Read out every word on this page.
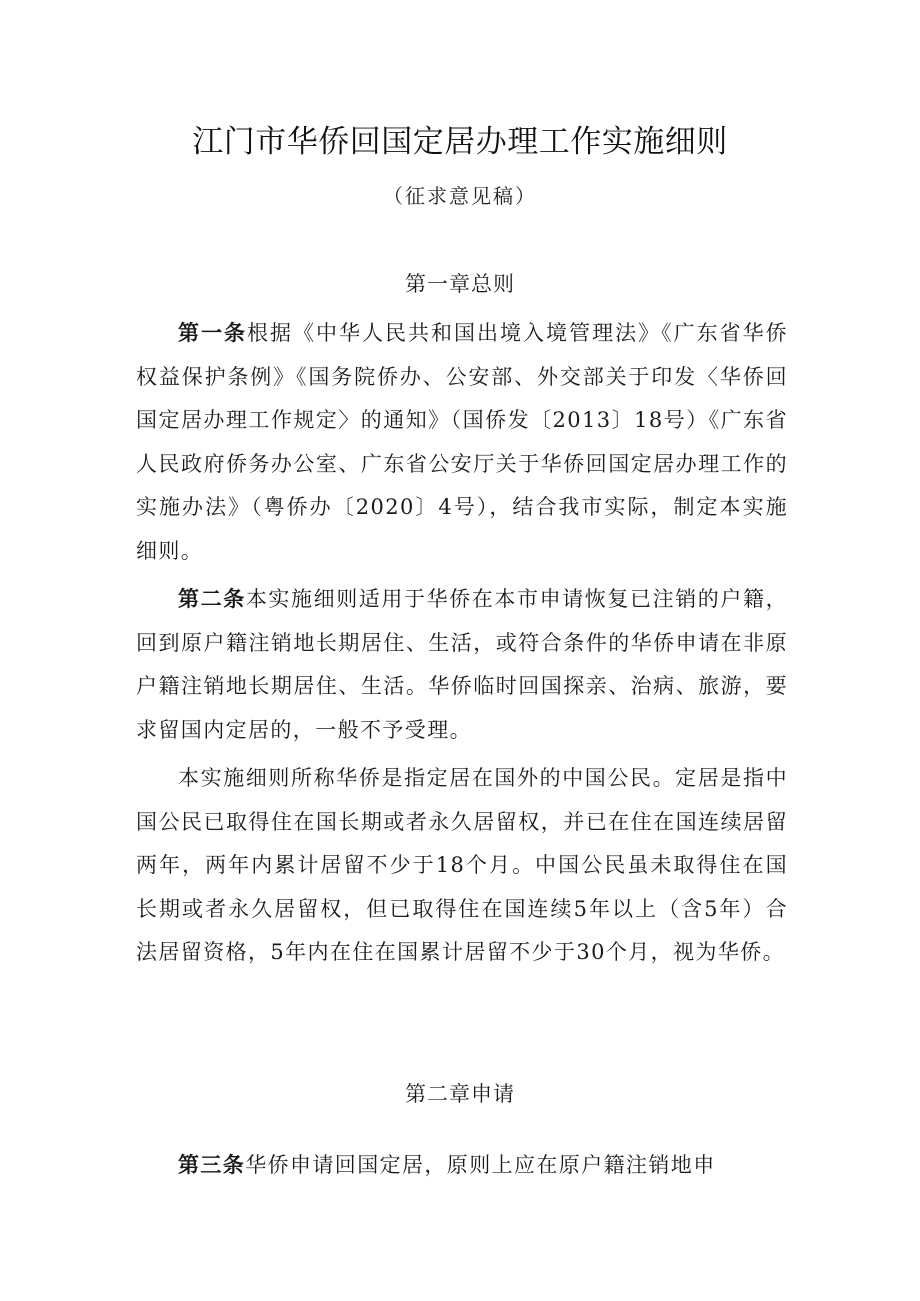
江门市华侨回国定居办理工作实施细则
（征求意见稿）
第一章总则

第一条根据《中华人民共和国出境入境管理法》《广东省华侨权益保护条例》《国务院侨办、公安部、外交部关于印发〈华侨回国定居办理工作规定〉的通知》（国侨发〔2013〕18号）《广东省人民政府侨务办公室、广东省公安厅关于华侨回国定居办理工作的实施办法》（粤侨办〔2020〕4号），结合我市实际，制定本实施细则。

第二条本实施细则适用于华侨在本市申请恢复已注销的户籍，回到原户籍注销地长期居住、生活，或符合条件的华侨申请在非原户籍注销地长期居住、生活。华侨临时回国探亲、治病、旅游，要求留国内定居的，一般不予受理。

本实施细则所称华侨是指定居在国外的中国公民。定居是指中国公民已取得住在国长期或者永久居留权，并已在住在国连续居留两年，两年内累计居留不少于18个月。中国公民虽未取得住在国长期或者永久居留权，但已取得住在国连续5年以上（含5年）合法居留资格，5年内在住在国累计居留不少于30个月，视为华侨。

第二章申请

第三条华侨申请回国定居，原则上应在原户籍注销地申
